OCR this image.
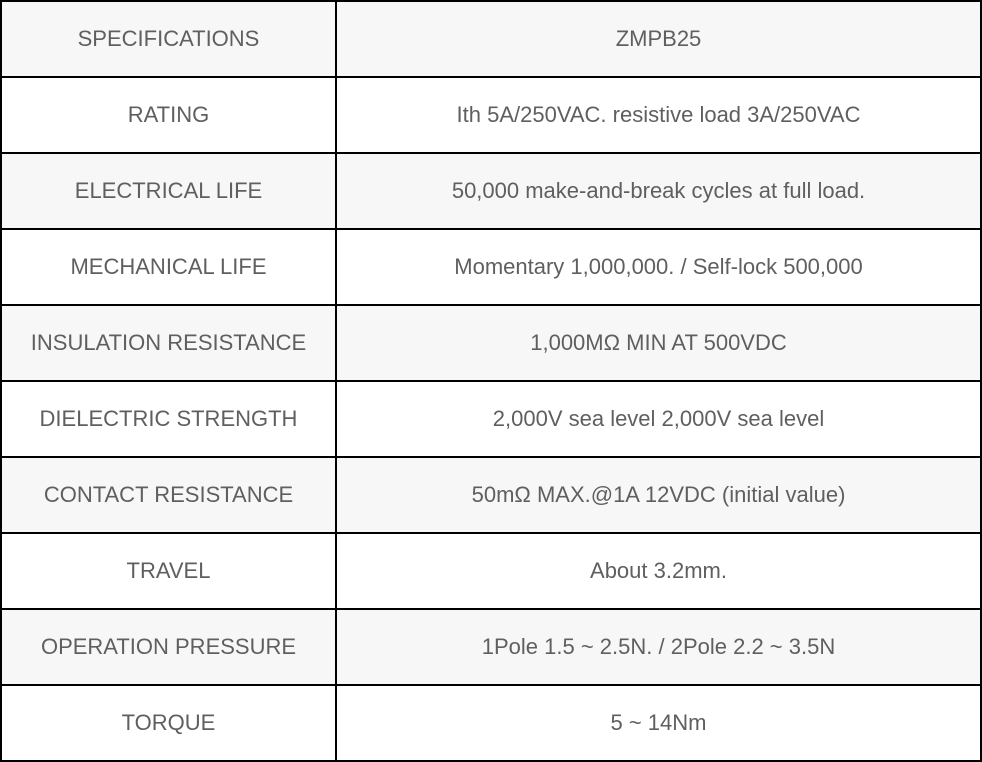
SPECIFICATIONS	ZMPB25
RATING	Ith 5A/250VAC. resistive load 3A/250VAC
ELECTRICAL LIFE	50,000 make-and-break cycles at full load.
MECHANICAL LIFE	Momentary 1,000,000. / Self-lock 500,000
INSULATION RESISTANCE	1,000MΩ MIN AT 500VDC
DIELECTRIC STRENGTH	2,000V sea level 2,000V sea level
CONTACT RESISTANCE	50mΩ MAX.@1A 12VDC (initial value)
TRAVEL	About 3.2mm.
OPERATION PRESSURE	1Pole 1.5 ~ 2.5N. / 2Pole 2.2 ~ 3.5N
TORQUE	5 ~ 14Nm
